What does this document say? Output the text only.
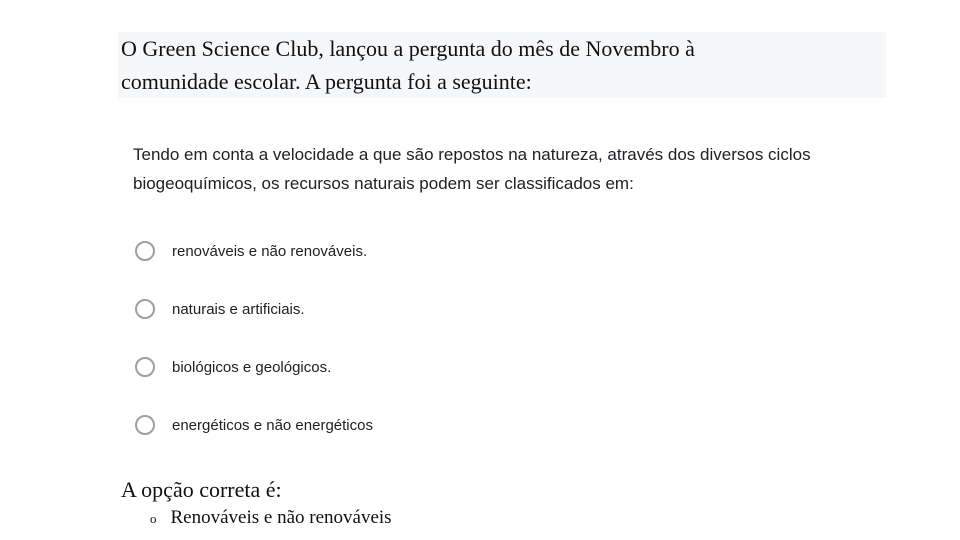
O Green Science Club, lançou a pergunta do mês de Novembro à
comunidade escolar. A pergunta foi a seguinte:

Tendo em conta a velocidade a que são repostos na natureza, através dos diversos ciclos
biogeoquímicos, os recursos naturais podem ser classificados em:

renováveis e não renováveis.
naturais e artificiais.
biológicos e geológicos.
energéticos e não energéticos
A opção correta é:
o Renováveis e não renováveis
